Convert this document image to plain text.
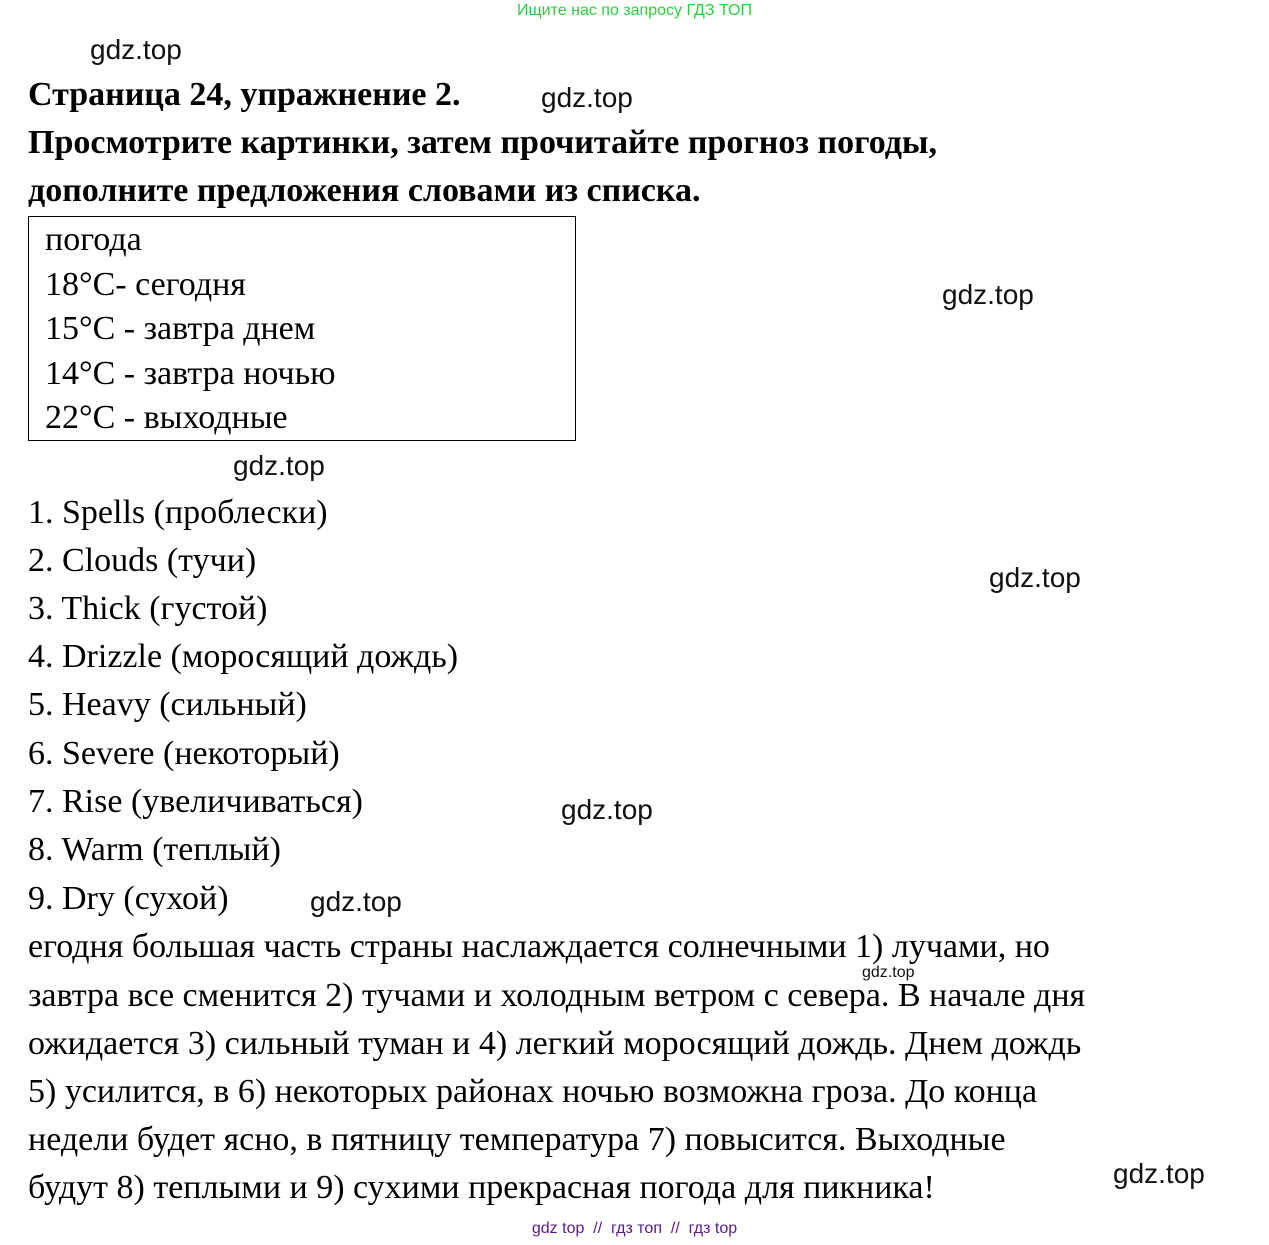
Ищите нас по запросу ГДЗ ТОП
Страница 24, упражнение 2.
Просмотрите картинки, затем прочитайте прогноз погоды,
дополните предложения словами из списка.
погода
18°C- сегодня
15°C - завтра днем
14°C - завтра ночью
22°C - выходные
1. Spells (проблески)
2. Clouds (тучи)
3. Thick (густой)
4. Drizzle (моросящий дождь)
5. Heavy (сильный)
6. Severe (некоторый)
7. Rise (увеличиваться)
8. Warm (теплый)
9. Dry (сухой)
егодня большая часть страны наслаждается солнечными 1) лучами, но
завтра все сменится 2) тучами и холодным ветром с севера. В начале дня
ожидается 3) сильный туман и 4) легкий моросящий дождь. Днем дождь
5) усилится, в 6) некоторых районах ночью возможна гроза. До конца
недели будет ясно, в пятницу температура 7) повысится. Выходные
будут 8) теплыми и 9) сухими прекрасная погода для пикника!
gdz.top
gdz.top
gdz.top
gdz.top
gdz.top
gdz.top
gdz.top
gdz.top
gdz.top
gdz top  //  гдз топ  //  гдз top
